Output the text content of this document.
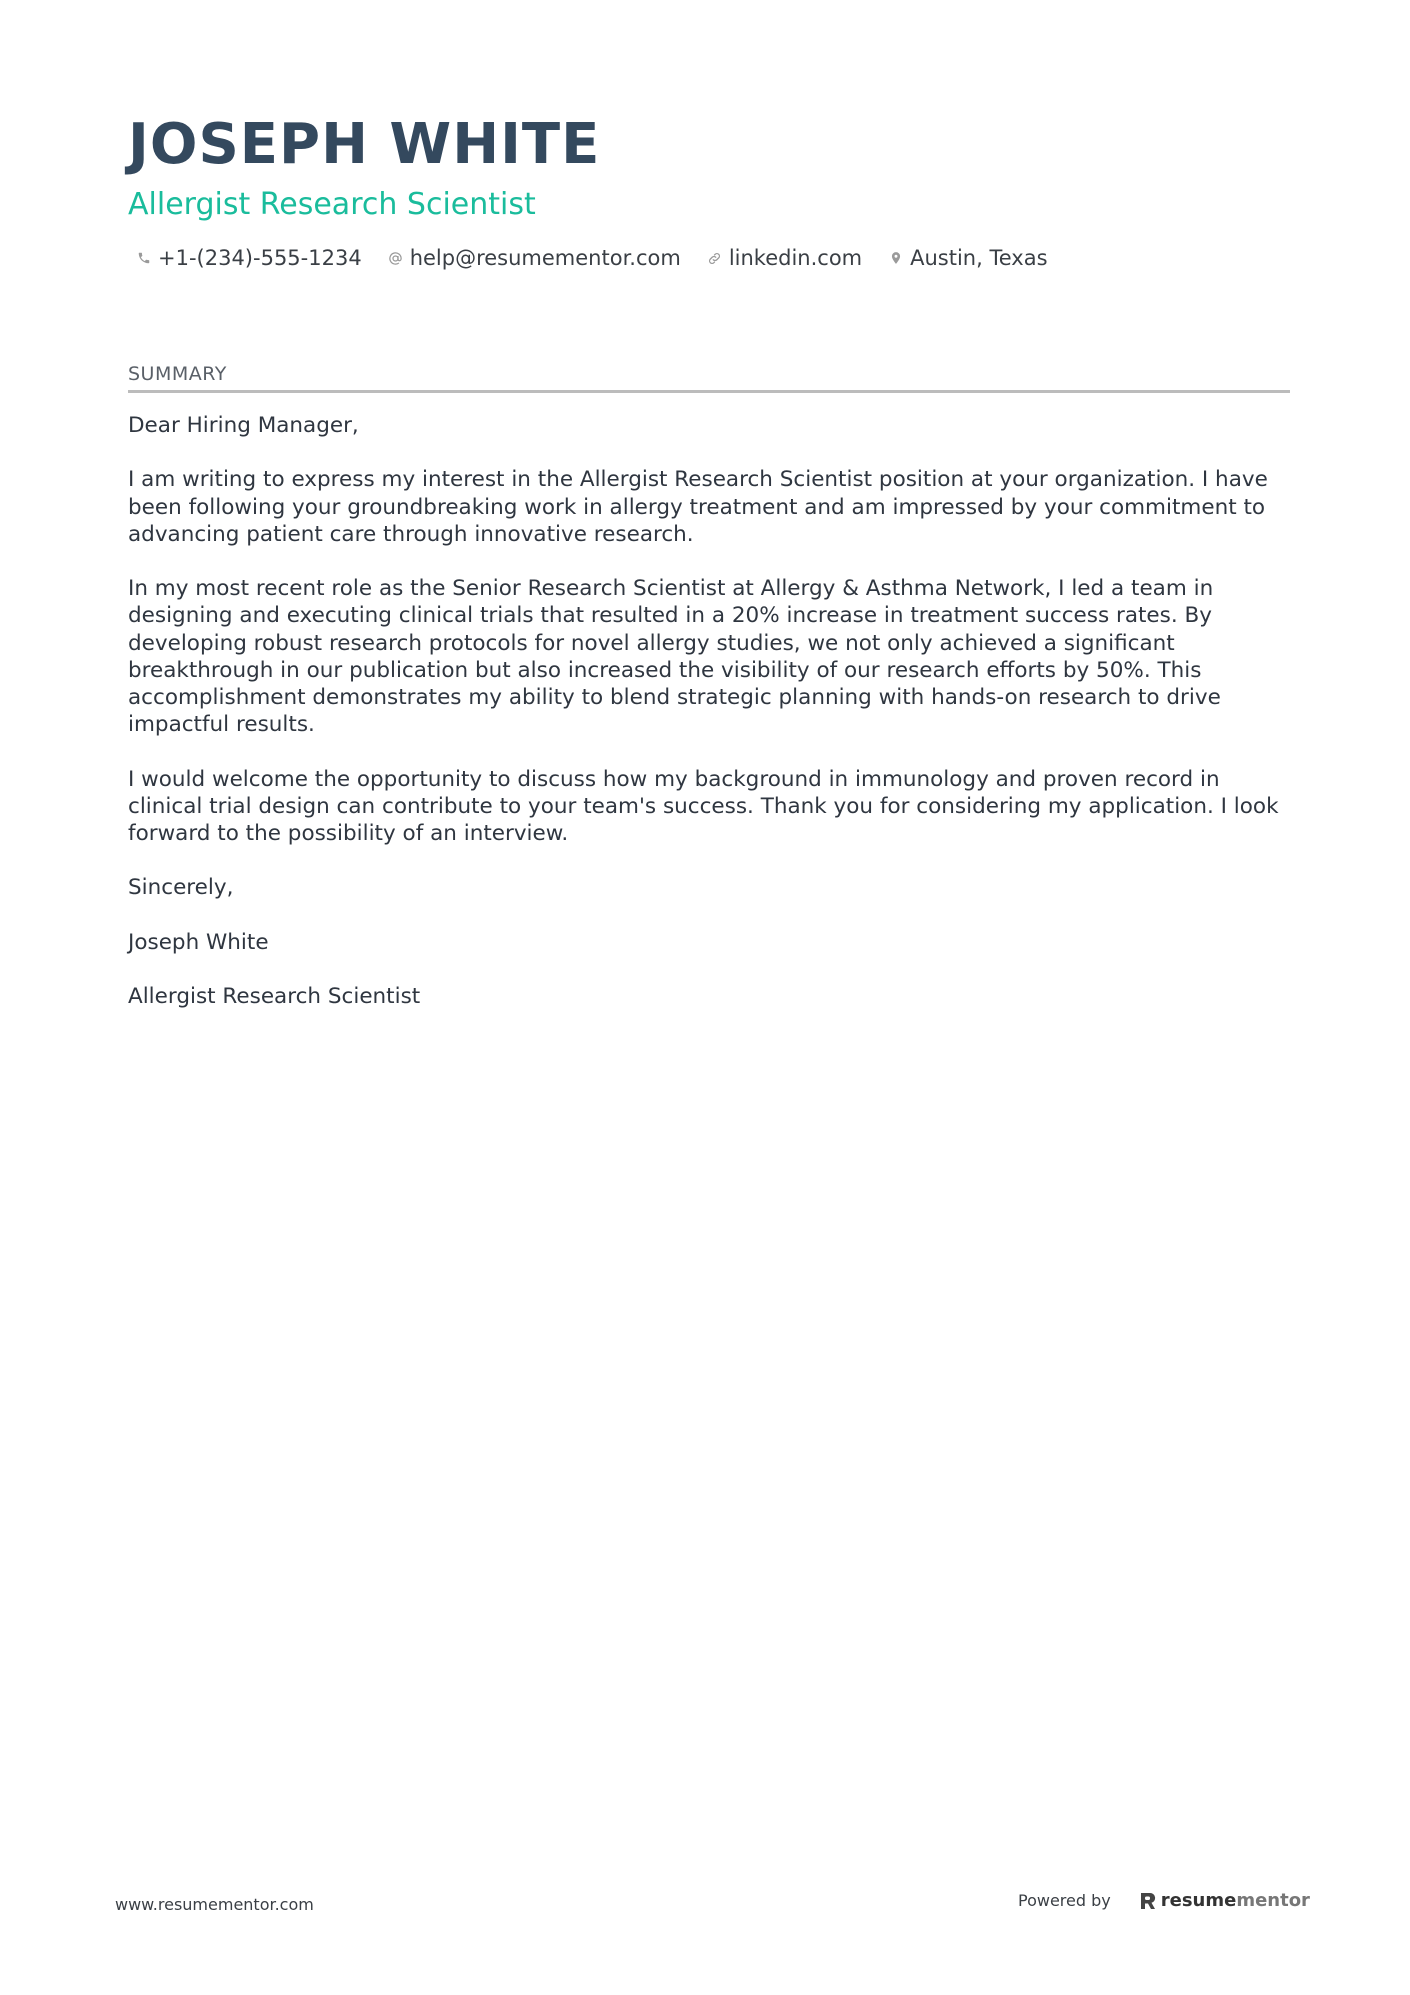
JOSEPH WHITE
Allergist Research Scientist
+1-(234)-555-1234 help@resumementor.com linkedin.com Austin, Texas
SUMMARY

Dear Hiring Manager,

I am writing to express my interest in the Allergist Research Scientist position at your organization. I have been following your groundbreaking work in allergy treatment and am impressed by your commitment to advancing patient care through innovative research.

In my most recent role as the Senior Research Scientist at Allergy & Asthma Network, I led a team in designing and executing clinical trials that resulted in a 20% increase in treatment success rates. By developing robust research protocols for novel allergy studies, we not only achieved a significant breakthrough in our publication but also increased the visibility of our research efforts by 50%. This accomplishment demonstrates my ability to blend strategic planning with hands-on research to drive impactful results.

I would welcome the opportunity to discuss how my background in immunology and proven record in clinical trial design can contribute to your team's success. Thank you for considering my application. I look forward to the possibility of an interview.

Sincerely,

Joseph White

Allergist Research Scientist

www.resumementor.com	Powered by	resume mentor
